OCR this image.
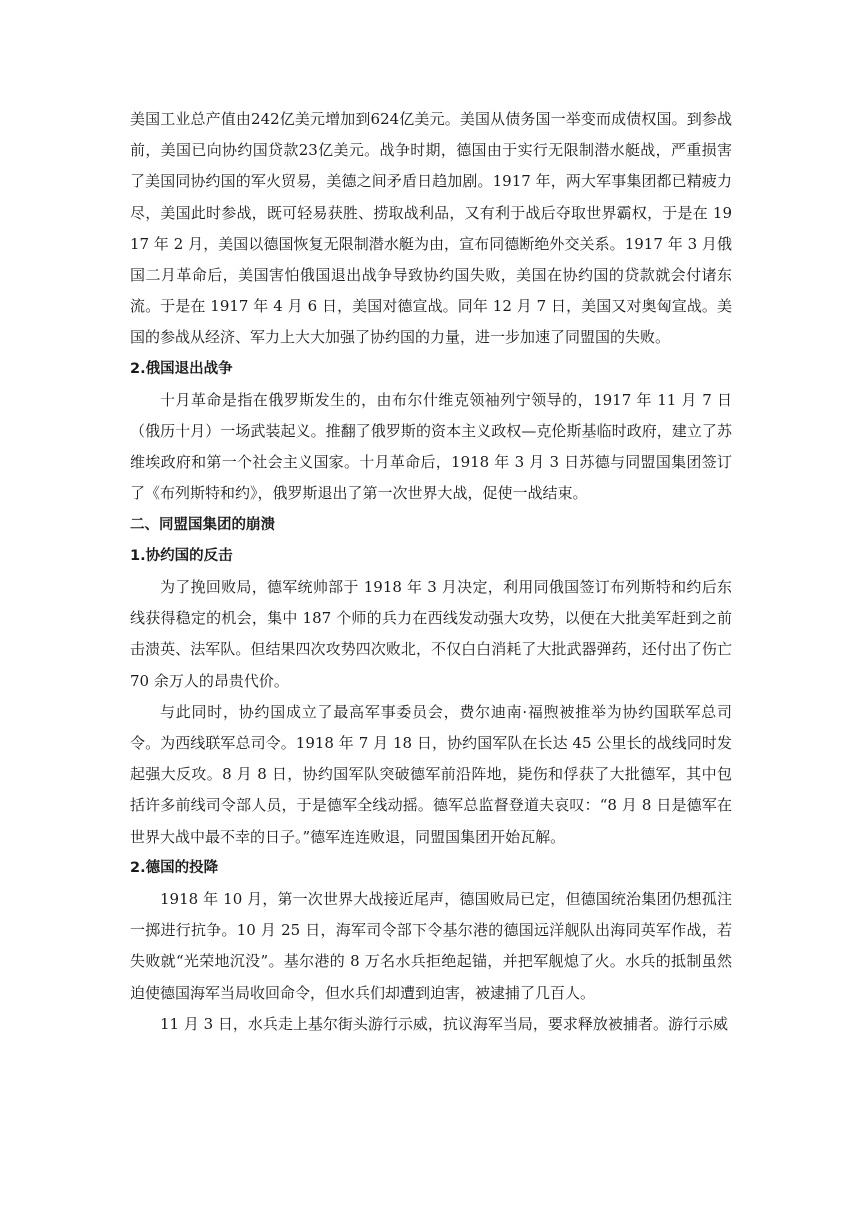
美国工业总产值由242亿美元增加到624亿美元。美国从债务国一举变而成债权国。到参战前，美国已向协约国贷款23亿美元。战争时期，德国由于实行无限制潜水艇战，严重损害了美国同协约国的军火贸易，美德之间矛盾日趋加剧。1917 年，两大军事集团都已精疲力尽，美国此时参战，既可轻易获胜、捞取战利品，又有利于战后夺取世界霸权，于是在 1917 年 2 月，美国以德国恢复无限制潜水艇为由，宣布同德断绝外交关系。1917 年 3 月俄国二月革命后，美国害怕俄国退出战争导致协约国失败，美国在协约国的贷款就会付诸东流。于是在 1917 年 4 月 6 日，美国对德宣战。同年 12 月 7 日，美国又对奥匈宣战。美国的参战从经济、军力上大大加强了协约国的力量，进一步加速了同盟国的失败。

2.俄国退出战争

十月革命是指在俄罗斯发生的，由布尔什维克领袖列宁领导的，1917 年 11 月 7 日（俄历十月）一场武装起义。推翻了俄罗斯的资本主义政权—克伦斯基临时政府，建立了苏维埃政府和第一个社会主义国家。十月革命后，1918 年 3 月 3 日苏德与同盟国集团签订了《布列斯特和约》，俄罗斯退出了第一次世界大战，促使一战结束。

二、同盟国集团的崩溃

1.协约国的反击

为了挽回败局，德军统帅部于 1918 年 3 月决定，利用同俄国签订布列斯特和约后东线获得稳定的机会，集中 187 个师的兵力在西线发动强大攻势，以便在大批美军赶到之前击溃英、法军队。但结果四次攻势四次败北，不仅白白消耗了大批武器弹药，还付出了伤亡 70 余万人的昂贵代价。

与此同时，协约国成立了最高军事委员会，费尔迪南·福煦被推举为协约国联军总司令。为西线联军总司令。1918 年 7 月 18 日，协约国军队在长达 45 公里长的战线同时发起强大反攻。8 月 8 日，协约国军队突破德军前沿阵地，毙伤和俘获了大批德军，其中包括许多前线司令部人员，于是德军全线动摇。德军总监督登道夫哀叹：“8 月 8 日是德军在世界大战中最不幸的日子。”德军连连败退，同盟国集团开始瓦解。

2.德国的投降

1918 年 10 月，第一次世界大战接近尾声，德国败局已定，但德国统治集团仍想孤注一掷进行抗争。10 月 25 日，海军司令部下令基尔港的德国远洋舰队出海同英军作战，若失败就“光荣地沉没”。基尔港的 8 万名水兵拒绝起锚，并把军舰熄了火。水兵的抵制虽然迫使德国海军当局收回命令，但水兵们却遭到迫害，被逮捕了几百人。

11 月 3 日，水兵走上基尔街头游行示威，抗议海军当局，要求释放被捕者。游行示威
